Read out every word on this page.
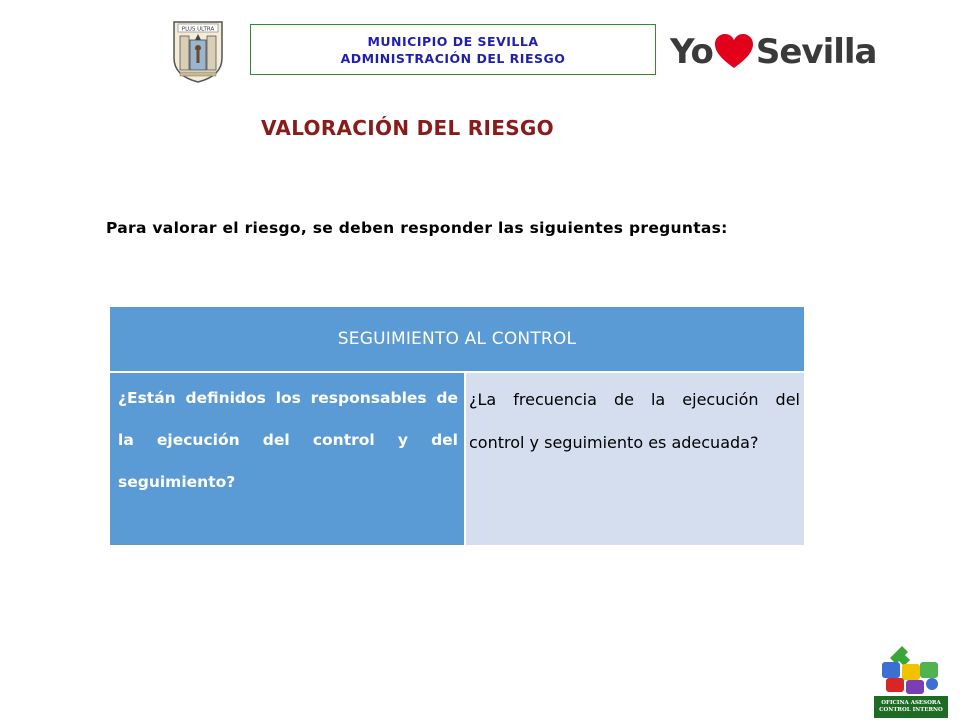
PLUS ULTRA
MUNICIPIO DE SEVILLA
ADMINISTRACIÓN DEL RIESGO	Yo Sevilla
VALORACIÓN DEL RIESGO
Para valorar el riesgo, se deben responder las siguientes preguntas:
SEGUIMIENTO AL CONTROL
¿Están definidos los responsables de la ejecución del control y del seguimiento?
¿La frecuencia de la ejecución del control y seguimiento es adecuada?
OFICINA ASESORA
CONTROL INTERNO
